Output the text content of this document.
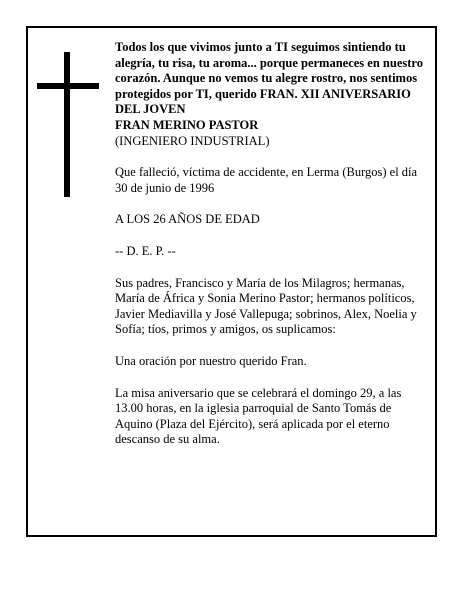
Todos los que vivimos junto a TI seguimos sintiendo tu alegría, tu risa, tu aroma... porque permaneces en nuestro corazón. Aunque no vemos tu alegre rostro, nos sentimos protegidos por TI, querido FRAN. XII ANIVERSARIO DEL JOVEN

FRAN MERINO PASTOR

(INGENIERO INDUSTRIAL)

Que falleció, víctima de accidente, en Lerma (Burgos) el día 30 de junio de 1996

A LOS 26 AÑOS DE EDAD

-- D. E. P. --

Sus padres, Francisco y María de los Milagros; hermanas, María de África y Sonia Merino Pastor; hermanos políticos, Javier Mediavilla y José Vallepuga; sobrinos, Alex, Noelia y Sofía; tíos, primos y amigos, os suplicamos:

Una oración por nuestro querido Fran.

La misa aniversario que se celebrará el domingo 29, a las 13.00 horas, en la iglesia parroquial de Santo Tomás de Aquino (Plaza del Ejército), será aplicada por el eterno descanso de su alma.
